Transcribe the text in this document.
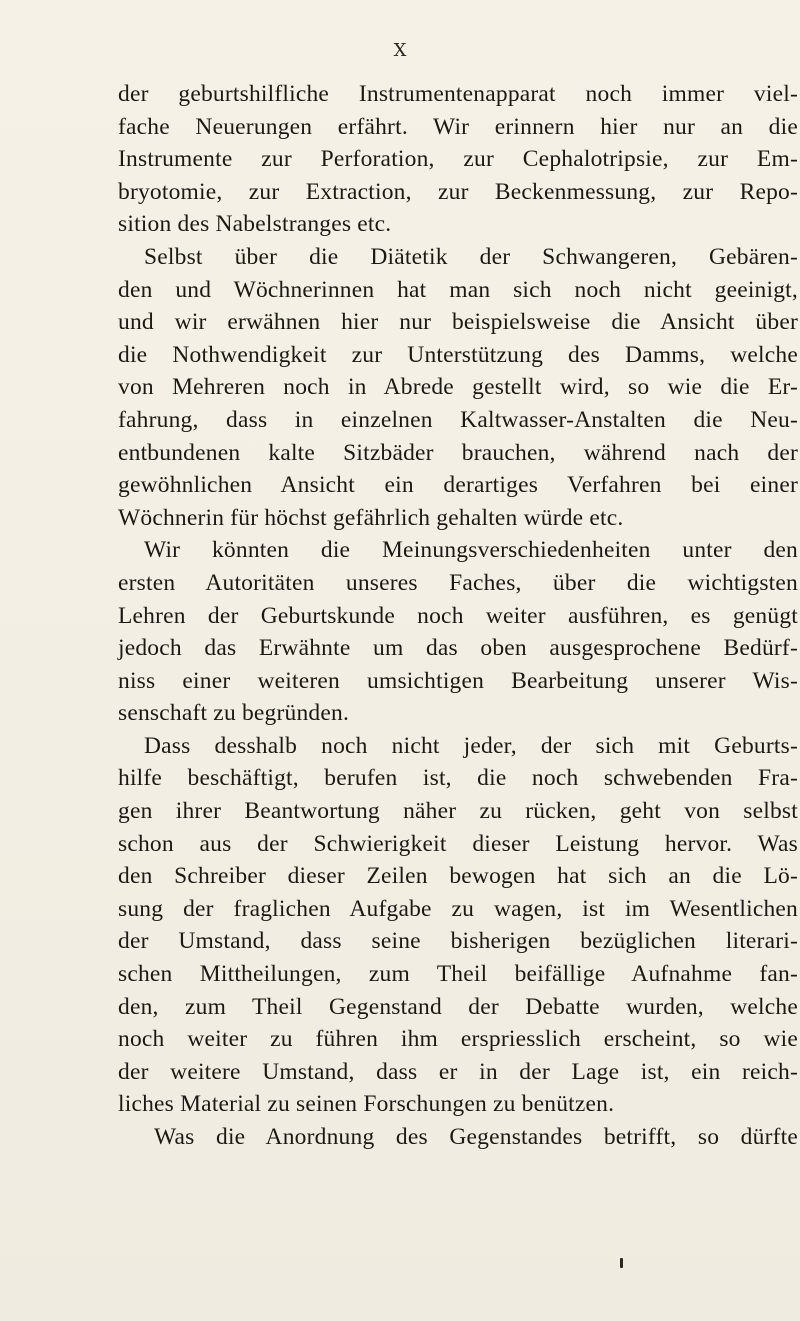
X

der geburtshilfliche Instrumentenapparat noch immer viel-
fache Neuerungen erfährt. Wir erinnern hier nur an die
Instrumente zur Perforation, zur Cephalotripsie, zur Em-
bryotomie, zur Extraction, zur Beckenmessung, zur Repo-
sition des Nabelstranges etc.
Selbst über die Diätetik der Schwangeren, Gebären-
den und Wöchnerinnen hat man sich noch nicht geeinigt,
und wir erwähnen hier nur beispielsweise die Ansicht über
die Nothwendigkeit zur Unterstützung des Damms, welche
von Mehreren noch in Abrede gestellt wird, so wie die Er-
fahrung, dass in einzelnen Kaltwasser-Anstalten die Neu-
entbundenen kalte Sitzbäder brauchen, während nach der
gewöhnlichen Ansicht ein derartiges Verfahren bei einer
Wöchnerin für höchst gefährlich gehalten würde etc.
Wir könnten die Meinungsverschiedenheiten unter den
ersten Autoritäten unseres Faches, über die wichtigsten
Lehren der Geburtskunde noch weiter ausführen, es genügt
jedoch das Erwähnte um das oben ausgesprochene Bedürf-
niss einer weiteren umsichtigen Bearbeitung unserer Wis-
senschaft zu begründen.
Dass desshalb noch nicht jeder, der sich mit Geburts-
hilfe beschäftigt, berufen ist, die noch schwebenden Fra-
gen ihrer Beantwortung näher zu rücken, geht von selbst
schon aus der Schwierigkeit dieser Leistung hervor. Was
den Schreiber dieser Zeilen bewogen hat sich an die Lö-
sung der fraglichen Aufgabe zu wagen, ist im Wesentlichen
der Umstand, dass seine bisherigen bezüglichen literari-
schen Mittheilungen, zum Theil beifällige Aufnahme fan-
den, zum Theil Gegenstand der Debatte wurden, welche
noch weiter zu führen ihm erspriesslich erscheint, so wie
der weitere Umstand, dass er in der Lage ist, ein reich-
liches Material zu seinen Forschungen zu benützen.
Was die Anordnung des Gegenstandes betrifft, so dürfte
